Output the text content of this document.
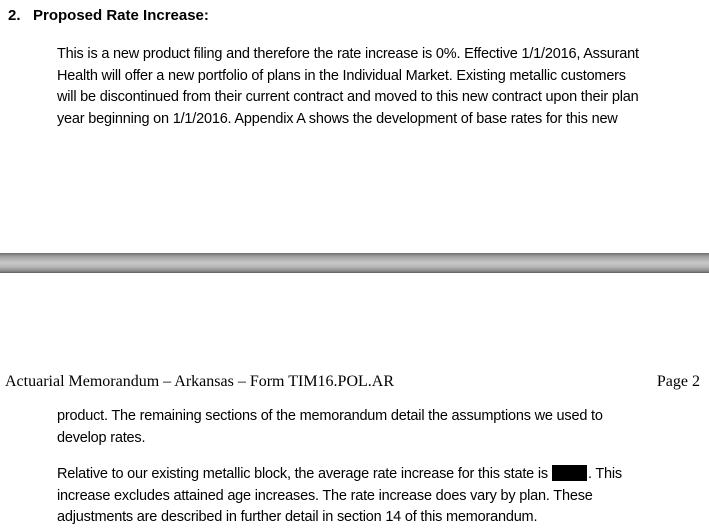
2. Proposed Rate Increase:
This is a new product filing and therefore the rate increase is 0%. Effective 1/1/2016, Assurant
Health will offer a new portfolio of plans in the Individual Market. Existing metallic customers
will be discontinued from their current contract and moved to this new contract upon their plan
year beginning on 1/1/2016. Appendix A shows the development of base rates for this new
Actuarial Memorandum – Arkansas – Form TIM16.POL.AR	Page 2
product. The remaining sections of the memorandum detail the assumptions we used to
develop rates.
Relative to our existing metallic block, the average rate increase for this state is	. This
increase excludes attained age increases. The rate increase does vary by plan. These
adjustments are described in further detail in section 14 of this memorandum.
